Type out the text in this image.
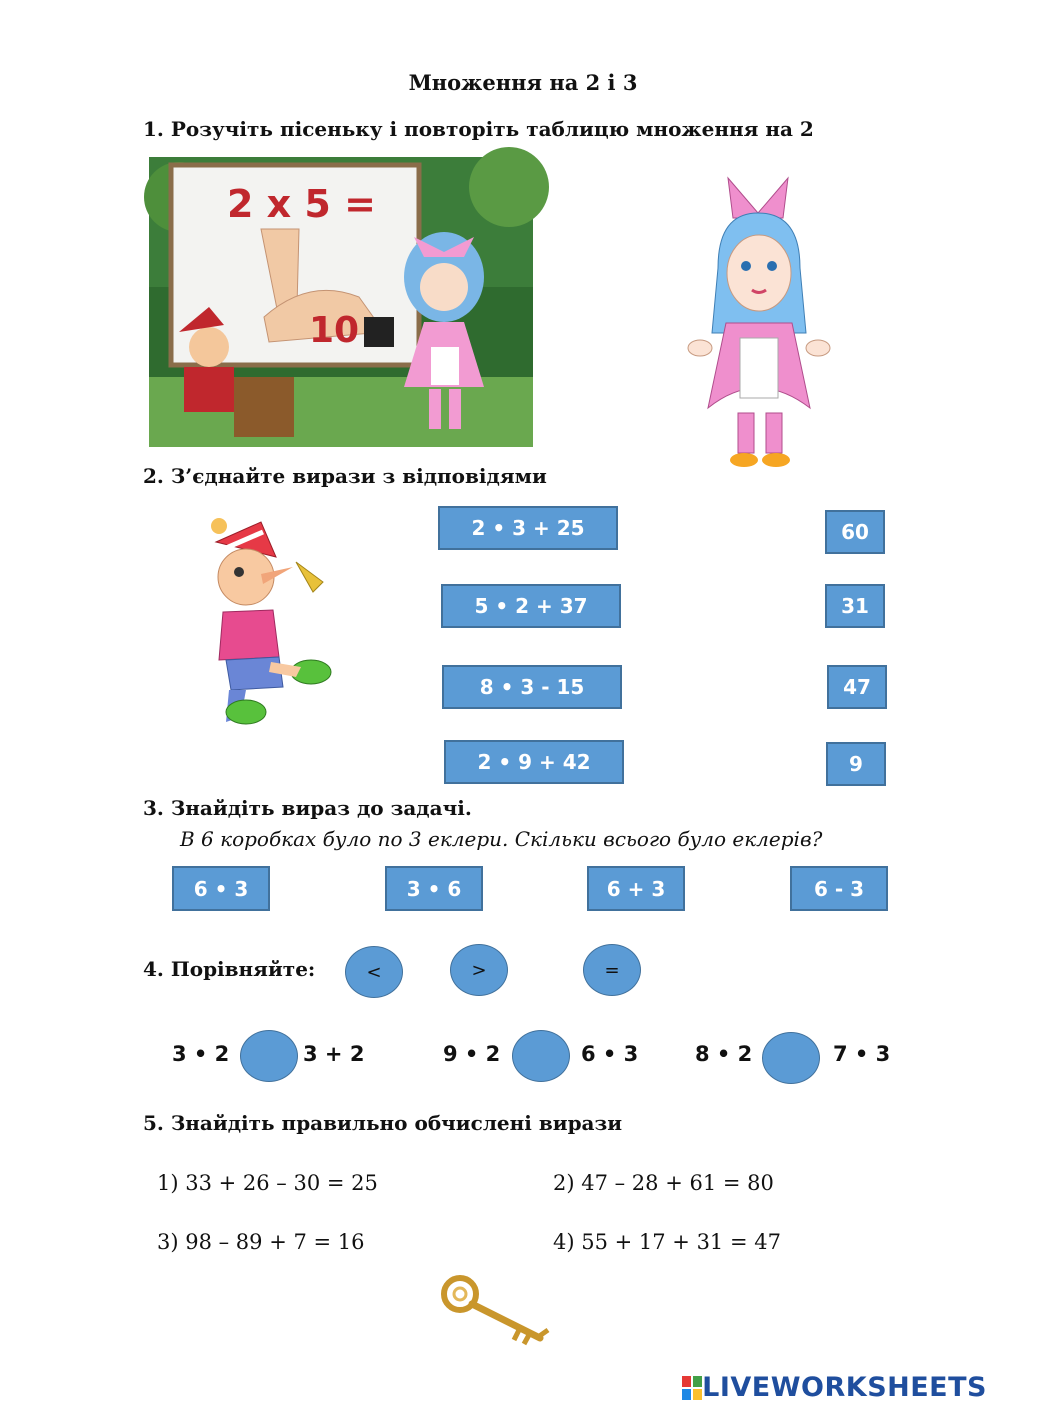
Множення на 2 і 3
1. Розучіть пісеньку і повторіть таблицю множення на 2
2 x 5 =
10
2. З’єднайте вирази з відповідями
2 • 3 + 25
5 • 2 + 37
8 • 3 - 15
2 • 9 + 42
60
31
47
9
3. Знайдіть вираз до задачі.
В 6 коробках було по 3 еклери. Скільки всього було еклерів?
6 • 3	3 • 6	6 + 3	6 - 3
4. Порівняйте:	<	>	=
3 • 2	3 + 2	9 • 2	6 • 3	8 • 2	7 • 3
5. Знайдіть правильно обчислені вирази
1) 33 + 26 – 30 = 25	2) 47 – 28 + 61 = 80
3) 98 – 89 + 7 = 16	4) 55 + 17 + 31 = 47
LIVE LIVEWORKSHEETS
